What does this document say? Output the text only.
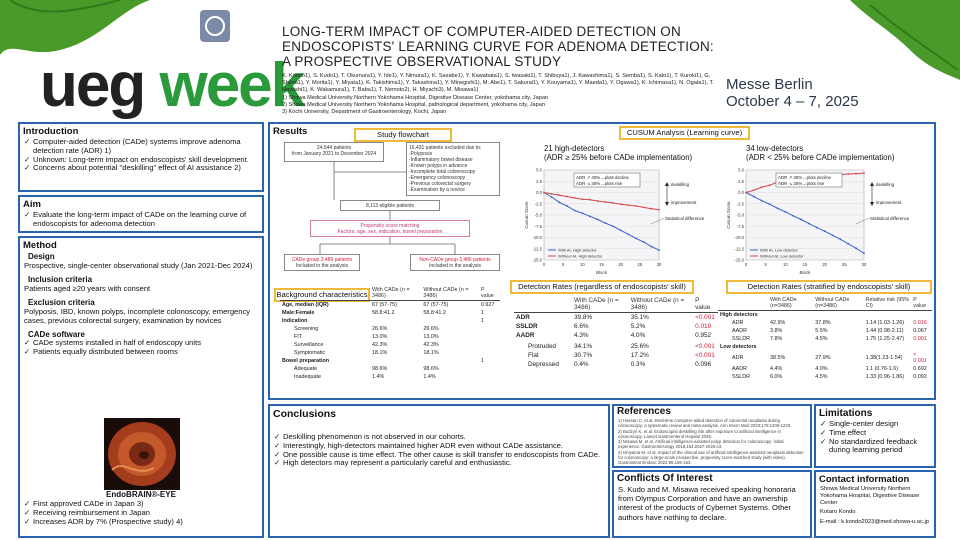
ueg week
LONG-TERM IMPACT OF COMPUTER-AIDED DETECTION ON
ENDOSCOPISTS' LEARNING CURVE FOR ADENOMA DETECTION:
A PROSPECTIVE OBSERVATIONAL STUDY
K. Kondo1), S. Kudo1), T. Okumura1), Y. Ide1), Y. Nimura1), K. Sasabe1), Y. Kawabata1), S. Iwasaki1), T. Shibuya1), J. Kawashima1), S. Semba1), S. Kato1), T. Kuroki1), G. Shima1), Y. Morita1), Y. Miyata1), K. Takishima1), Y. Takashina1), Y. Minegishi1), M. Abe1), T. Sakurai1), Y. Kouyama1), Y. Maeda1), Y. Ogawa1), K. Ichimasa1), N. Ogata1), T. Hayashi1), K. Wakamura1), T. Baba1), T. Nemoto2), H. Miyachi3), M. Misawa1)
1) Showa Medical University Northern Yokohama Hospital, Digestive Disease Center, yokohama city, Japan
2) Showa Medical University Northern Yokohama Hospital, pathological department, yokohama city, Japan
3) Kochi University, Department of Gastroenterology, Kochi, Japan
Messe Berlin
October 4 – 7, 2025
Introduction
✓ Computer-aided detection (CADe) systems improve adenoma detection rate (ADR) 1)
✓ Unknown: Long-term impact on endoscopists' skill development.
✓ Concerns about potential "deskilling" effect of AI assistance 2)
Aim
✓ Evaluate the long-term impact of CADe on the learning curve of endoscopists for adenoma detection
Method
Design
Prospective, single-center observational study (Jan 2021-Dec 2024)
Inclusion criteria
Patients aged ≥20 years with consent
Exclusion criteria
Polyposis, IBD, known polyps, incomplete colonoscopy, emergency cases, previous colorectal surgery, examination by novices
CADe software
✓ CADe systems installed in half of endoscopy units
✓ Patients equally distributed between rooms
EndoBRAIN®-EYE
✓ First approved CADe in Japan 3)
✓ Receiving reimbursement in Japan
✓ Increases ADR by 7% (Prospective study) 4)
Results	Study flowchart	CUSUM Analysis (Learning curve)
24,544 patients
from January 2021 to December 2024
16,431 patients excluded due to:
-Polyposis
-Inflammatory bowel disease
-Known polyps in advance
-Incomplete total colonoscopy
-Emergency colonoscopy
-Previous colorectal surgery
-Examination by a novice
8,113 eligible patients
Propensity score matching
Factors: age, sex, indication, bowel preparation
CADe group 3,486 patients
Included in the analysis
Non-CADe group 3,486 patients
Included in the analysis
21 high-detectors
(ADR ≥ 25% before CADe implementation)
5.0
2.5
0.0
-2.5
-5.0
-7.5
-10.0
-12.5
-15.0
0	5	10	15	20	25	30
Block
Cusum Score
With AI, High detector
Without AI, High detector
ADR ↗ 40%→plots decline
ADR ↘ 30%→plots rise	deskilling
improvement
Statistical difference
34 low-detectors
(ADR < 25% before CADe implementation)
5.0
2.5
0.0
-2.5
-5.0
-7.5
-10.0
-12.5
-15.0
0	5	10	15	20	25	30
Block
Cusum Score
With AI, Low detector
Without AI, Low detector
ADR ↗ 35%→plots decline
ADR ↘ 25%→plots rise	deskilling
improvement
Statistical difference
Background characteristics
	With CADe (n = 3486)	Without CADe (n = 3486)	P value
Age, median (IQR)	67 (57-75)	67 (57-75)	0.927
Male:Female	58.8:41.2	58.8:41.2	1
Indication			1
Screening	26.6%	26.6%	
FIT	13.0%	13.0%	
Surveillance	42.3%	42.3%	
Symptomatic	18.1%	18.1%	
Bowel preparation			1
Adequate	98.6%	98.6%	
Inadequate	1.4%	1.4%	
Detection Rates (regardless of endoscopists' skill)
	With CADe (n = 3486)	Without CADe (n = 3486)	P value
ADR	39.8%	35.1%	<0.001
SSLDR	6.6%	5.2%	0.019
AADR	4.3%	4.0%	0.952

Protruded	34.1%	25.6%	<0.001
Flat	30.7%	17.2%	<0.001
Depressed	0.4%	0.3%	0.096
Detection Rates (stratified by endoscopists' skill)
	With CADe (n=3486)	Without CADe (n=3486)	Relative risk (95% CI)	P value
High detectors				
ADR	42.9%	37.8%	1.14 (1.03-1.26)	0.016
AADR	3.8%	5.5%	1.44 (0.98-2.11)	0.067
SSLDR	7.8%	4.5%	1.75 (1.25-2.47)	0.001
Low detectors				
ADR	38.5%	27.9%	1.38(1.23-1.54)	< 0.001
AADR	4.4%	4.0%	1.1 (0.76-1.6)	0.692
SSLDR	6.0%	4.5%	1.33 (0.96-1.86)	0.092
Conclusions
✓ Deskilling phenomenon is not observed in our cohorts.
✓ Interestingly, high-detectors maintained higher ADR even without CADe assistance.
✓ One possible cause is time effect. The other cause is skill transfer to endoscopists from CADe.
✓ High detectors may represent a particularly careful and enthusiastic.
References
1) Hassan C, et al. Real-time computer-aided detection of colorectal neoplasia during colonoscopy: a systematic review and meta-analysis. Ann Intern Med 2023;176:1209-1220.
2) Budzyń K, et al. Endoscopist deskilling risk after exposure to artificial intelligence in colonoscopy. Lancet Gastroenterol Hepatol 2025.
3) Misawa M, et al. Artificial intelligence-assisted polyp detection for colonoscopy: initial experience. Gastroenterology 2018;154:2027-2029.e3.
4) Ishiyama M, et al. Impact of the clinical use of artificial intelligence-assisted neoplasia detection for colonoscopy: a large-scale prospective, propensity score-matched study (with video). Gastrointest Endosc 2022;95:155-163.
Conflicts Of Interest
S. Kudo and M. Misawa received speaking honoraria from Olympus Corporation and have an ownership interest of the products of Cybernet Systems. Other authors have nothing to declare.
Limitations
✓ Single-center design
✓ Time effect
✓ No standardized feedback during learning period
Contact information
Showa Medical University Northern Yokohama Hospital, Digestive Disease Center
Kotaro Kondo
E-mail : k.kondo2023@med.showa-u.ac.jp
